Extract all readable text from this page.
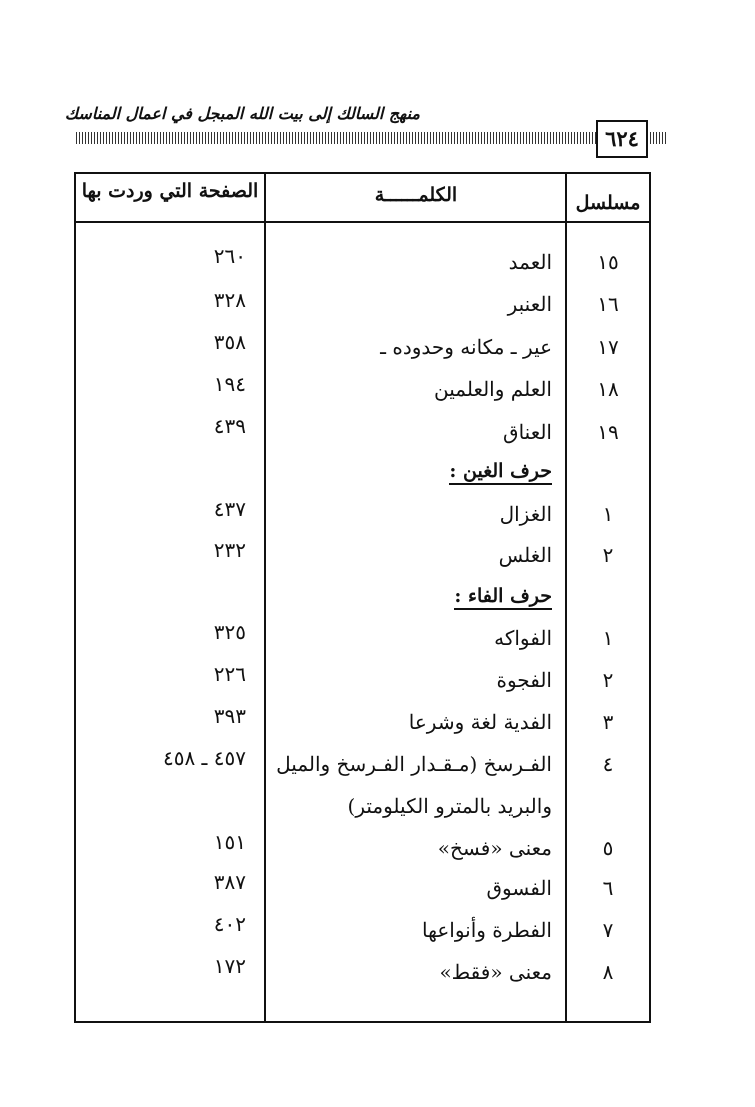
منهج السالك إلى بيت الله المبجل في اعمال المناسك
٦٢٤
مسلسل
الكلمــــــة
الصفحة التي وردت بها
١٥
العمد
٢٦٠
١٦
العنبر
٣٢٨
١٧
عير ـ مكانه وحدوده ـ
٣٥٨
١٨
العلم والعلمين
١٩٤
١٩
العناق
٤٣٩
حرف الغين :
١
الغزال
٤٣٧
٢
الغلس
٢٣٢
حرف الفاء :
١
الفواكه
٣٢٥
٢
الفجوة
٢٢٦
٣
الفدية لغة وشرعا
٣٩٣
٤
الفـرسخ (مـقـدار الفـرسخ والميل
والبريد بالمترو الكيلومتر)
٤٥٧ ـ ٤٥٨
٥
معنى «فسخ»
١٥١
٦
الفسوق
٣٨٧
٧
الفطرة وأنواعها
٤٠٢
٨
معنى «فقط»
١٧٢
